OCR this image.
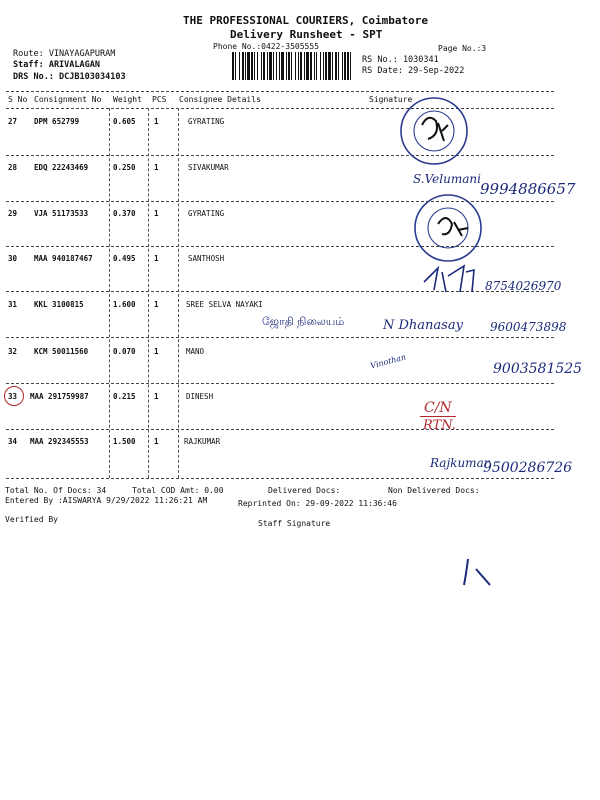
THE PROFESSIONAL COURIERS, Coimbatore
Delivery Runsheet - SPT
Phone No.:0422-3505555	Page No.:3
Route: VINAYAGAPURAM
Staff: ARIVALAGAN
DRS No.: DCJB103034103
RS No.: 1030341
RS Date: 29-Sep-2022
S No Consignment No Weight PCS Consignee Details	Signature
27 DPM 652799	0.605 1	GYRATING
28 EDQ 22243469	0.250 1	SIVAKUMAR
29 VJA 51173533	0.370 1	GYRATING
30 MAA 940187467	0.495 1	SANTHOSH
31 KKL 3100815	1.600 1	SREE SELVA NAYAKI
32 KCM 50011560	0.070 1	MANO
33 MAA 291759987	0.215 1	DINESH
34 MAA 292345553	1.500 1	RAJKUMAR
Total No. Of Docs: 34	Total COD Amt: 0.00	Delivered Docs:	Non Delivered Docs:
Entered By :AISWARYA 9/29/2022 11:26:21 AM	Reprinted On: 29-09-2022 11:36:46
Verified By	Staff Signature
S.Velumani
9994886657
8754026970
ஜோதி நிலையம்	N Dhanasay 9600473898
Vinothan	9003581525
C/N
RTN.
Rajkumar
9500286726
